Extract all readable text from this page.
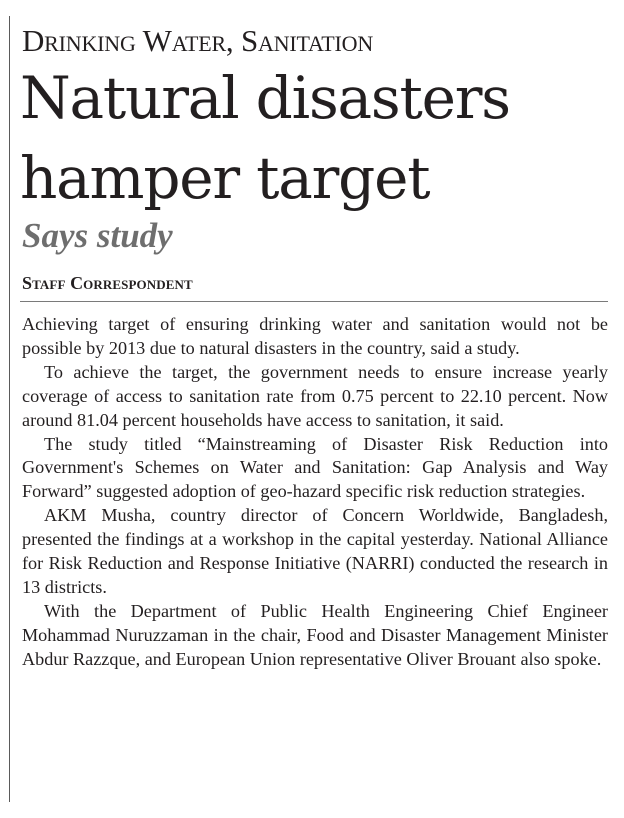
Drinking Water, Sanitation
Natural disasters hamper target
Says study
Staff Correspondent

Achieving target of ensuring drinking water and sanitation would not be possible by 2013 due to natural disasters in the country, said a study.

To achieve the target, the government needs to ensure increase yearly coverage of access to sanitation rate from 0.75 percent to 22.10 percent. Now around 81.04 percent households have access to sanitation, it said.

The study titled “Mainstreaming of Disaster Risk Reduction into Government's Schemes on Water and Sanitation: Gap Analysis and Way Forward” suggested adoption of geo-hazard specific risk reduction strategies.

AKM Musha, country director of Concern Worldwide, Bangladesh, presented the findings at a workshop in the capital yesterday. National Alliance for Risk Reduction and Response Initiative (NARRI) conducted the research in 13 districts.

With the Department of Public Health Engineering Chief Engineer Mohammad Nuruzzaman in the chair, Food and Disaster Management Minister Abdur Razzque, and European Union representative Oliver Brouant also spoke.
